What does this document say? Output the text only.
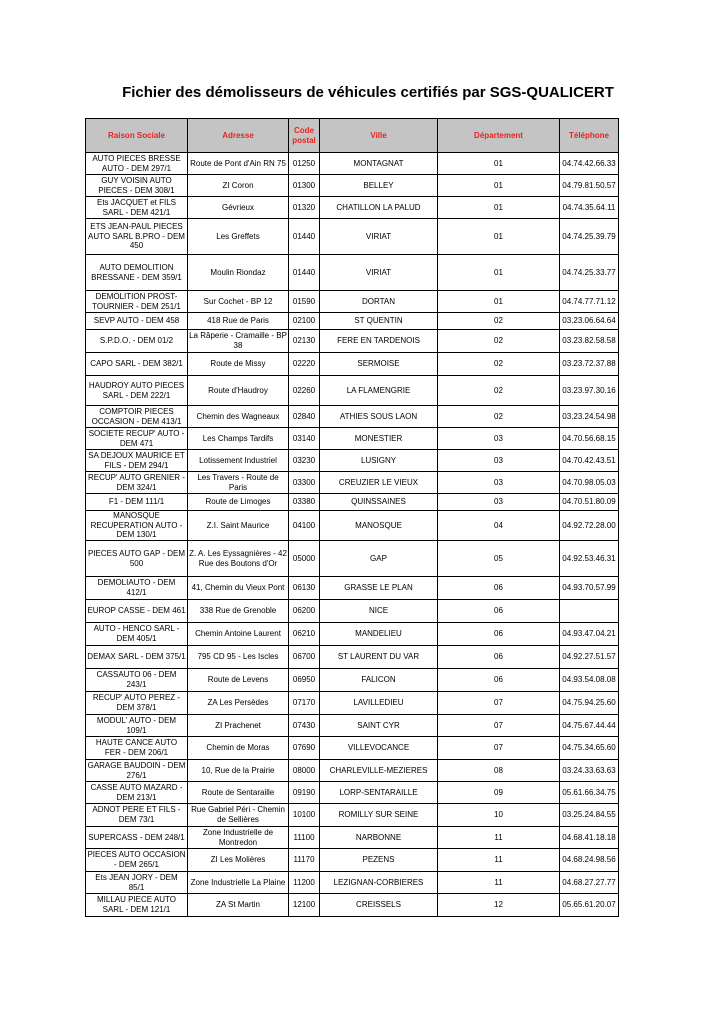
Fichier des démolisseurs de véhicules certifiés par SGS-QUALICERT
Raison Sociale	Adresse	Code postal	Ville	Département	Téléphone
AUTO PIECES BRESSE AUTO - DEM 297/1	Route de Pont d'Ain RN 75	01250	MONTAGNAT	01	04.74.42.66.33
GUY VOISIN AUTO PIECES - DEM 308/1	ZI Coron	01300	BELLEY	01	04.79.81.50.57
Ets JACQUET et FILS SARL - DEM 421/1	Gévrieux	01320	CHATILLON LA PALUD	01	04.74.35.64.11
ETS JEAN-PAUL PIECES AUTO SARL B.PRO - DEM 450	Les Greffets	01440	VIRIAT	01	04.74.25.39.79
AUTO DEMOLITION BRESSANE - DEM 359/1	Moulin Riondaz	01440	VIRIAT	01	04.74.25.33.77
DEMOLITION PROST-TOURNIER - DEM 251/1	Sur Cochet - BP 12	01590	DORTAN	01	04.74.77.71.12
SEVP AUTO - DEM 458	418 Rue de Paris	02100	ST QUENTIN	02	03.23.06.64.64
S.P.D.O. - DEM 01/2	La Râperie - Cramaille - BP 38	02130	FERE EN TARDENOIS	02	03.23.82.58.58
CAPO SARL - DEM 382/1	Route de Missy	02220	SERMOISE	02	03.23.72.37.88
HAUDROY AUTO PIECES SARL - DEM 222/1	Route d'Haudroy	02260	LA FLAMENGRIE	02	03.23.97.30.16
COMPTOIR PIECES OCCASION - DEM 413/1	Chemin des Wagneaux	02840	ATHIES SOUS LAON	02	03.23.24.54.98
SOCIETE RECUP' AUTO - DEM 471	Les Champs Tardifs	03140	MONESTIER	03	04.70.56.68.15
SA DEJOUX MAURICE ET FILS - DEM 294/1	Lotissement Industriel	03230	LUSIGNY	03	04.70.42.43.51
RECUP' AUTO GRENIER - DEM 324/1	Les Travers - Route de Paris	03300	CREUZIER LE VIEUX	03	04.70.98.05.03
F1 - DEM 111/1	Route de Limoges	03380	QUINSSAINES	03	04.70.51.80.09
MANOSQUE RECUPERATION AUTO - DEM 130/1	Z.I. Saint Maurice	04100	MANOSQUE	04	04.92.72.28.00
PIECES AUTO GAP - DEM 500	Z. A. Les Eyssagnières - 42 Rue des Boutons d'Or	05000	GAP	05	04.92.53.46.31
DEMOLIAUTO - DEM 412/1	41, Chemin du Vieux Pont	06130	GRASSE LE PLAN	06	04.93.70.57.99
EUROP CASSE - DEM 461	338 Rue de Grenoble	06200	NICE	06	
AUTO - HENCO SARL - DEM 405/1	Chemin Antoine Laurent	06210	MANDELIEU	06	04.93.47.04.21
DEMAX SARL - DEM 375/1	795 CD 95 - Les Iscles	06700	ST LAURENT DU VAR	06	04.92.27.51.57
CASSAUTO 06 - DEM 243/1	Route de Levens	06950	FALICON	06	04.93.54.08.08
RECUP' AUTO PEREZ - DEM 378/1	ZA Les Persèdes	07170	LAVILLEDIEU	07	04.75.94.25.60
MODUL' AUTO - DEM 109/1	ZI Prachenet	07430	SAINT CYR	07	04.75.67.44.44
HAUTE CANCE AUTO FER - DEM 206/1	Chemin de Moras	07690	VILLEVOCANCE	07	04.75.34.65.60
GARAGE BAUDOIN - DEM 276/1	10, Rue de la Prairie	08000	CHARLEVILLE-MEZIERES	08	03.24.33.63.63
CASSE AUTO MAZARD - DEM 213/1	Route de Sentaraille	09190	LORP-SENTARAILLE	09	05.61.66.34.75
ADNOT PERE ET FILS - DEM 73/1	Rue Gabriel Péri - Chemin de Sellières	10100	ROMILLY SUR SEINE	10	03.25.24.84.55
SUPERCASS - DEM 248/1	Zone Industrielle de Montredon	11100	NARBONNE	11	04.68.41.18.18
PIECES AUTO OCCASION - DEM 265/1	ZI Les Molières	11170	PEZENS	11	04.68.24.98.56
Ets JEAN JORY - DEM 85/1	Zone Industrielle La Plaine	11200	LEZIGNAN-CORBIERES	11	04.68.27.27.77
MILLAU PIECE AUTO SARL - DEM 121/1	ZA St Martin	12100	CREISSELS	12	05.65.61.20.07
